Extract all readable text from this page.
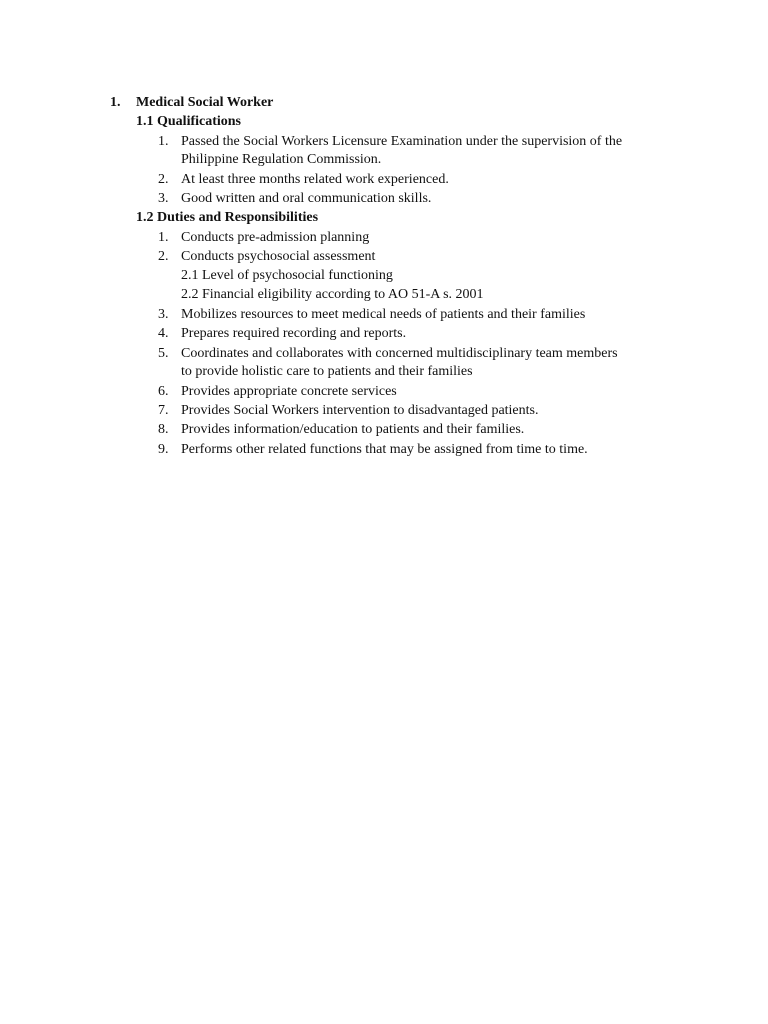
1. Medical Social Worker
1.1 Qualifications
1. Passed the Social Workers Licensure Examination under the supervision of the
Philippine Regulation Commission.
2. At least three months related work experienced.
3. Good written and oral communication skills.
1.2 Duties and Responsibilities
1. Conducts pre-admission planning
2. Conducts psychosocial assessment
2.1 Level of psychosocial functioning
2.2 Financial eligibility according to AO 51-A s. 2001
3. Mobilizes resources to meet medical needs of patients and their families
4. Prepares required recording and reports.
5. Coordinates and collaborates with concerned multidisciplinary team members
to provide holistic care to patients and their families
6. Provides appropriate concrete services
7. Provides Social Workers intervention to disadvantaged patients.
8. Provides information/education to patients and their families.
9. Performs other related functions that may be assigned from time to time.
